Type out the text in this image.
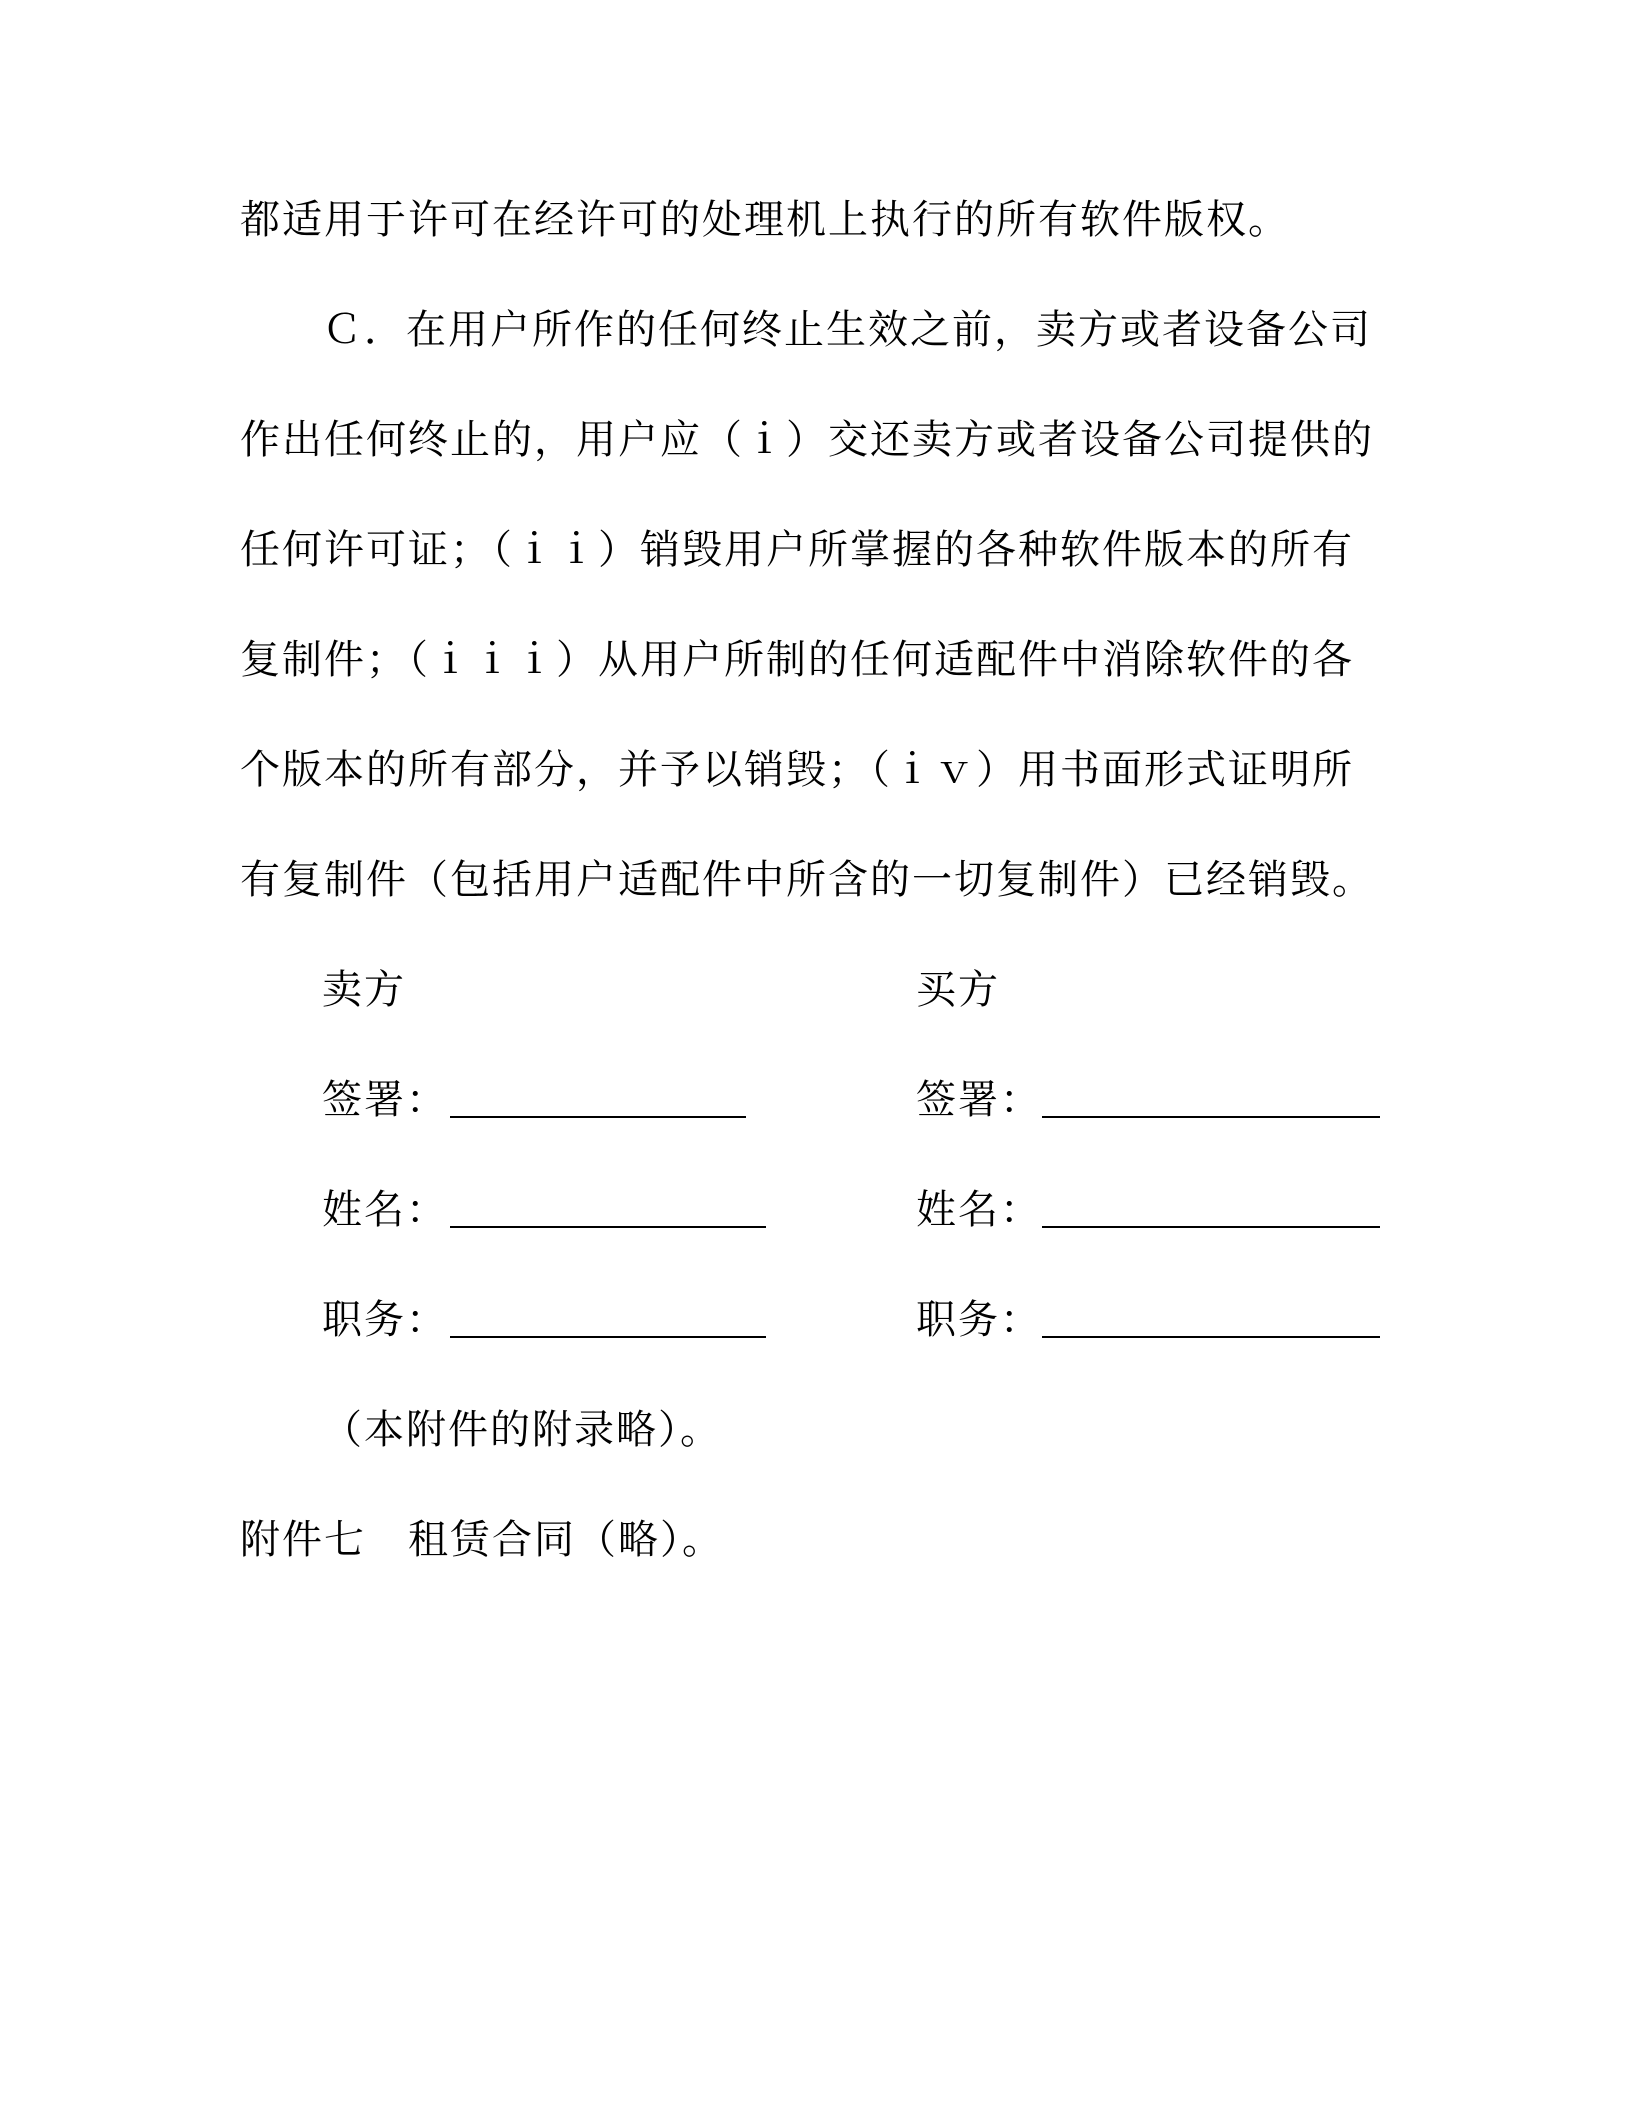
都适用于许可在经许可的处理机上执行的所有软件版权。
Ｃ．在用户所作的任何终止生效之前，卖方或者设备公司
作出任何终止的，用户应（ｉ）交还卖方或者设备公司提供的
任何许可证；（ｉｉ）销毁用户所掌握的各种软件版本的所有
复制件；（ｉｉｉ）从用户所制的任何适配件中消除软件的各
个版本的所有部分，并予以销毁；（ｉｖ）用书面形式证明所
有复制件（包括用户适配件中所含的一切复制件）已经销毁。
卖方
签署：
姓名：
职务：
买方
签署：
姓名：
职务：
（本附件的附录略）。
附件七　租赁合同（略）。
